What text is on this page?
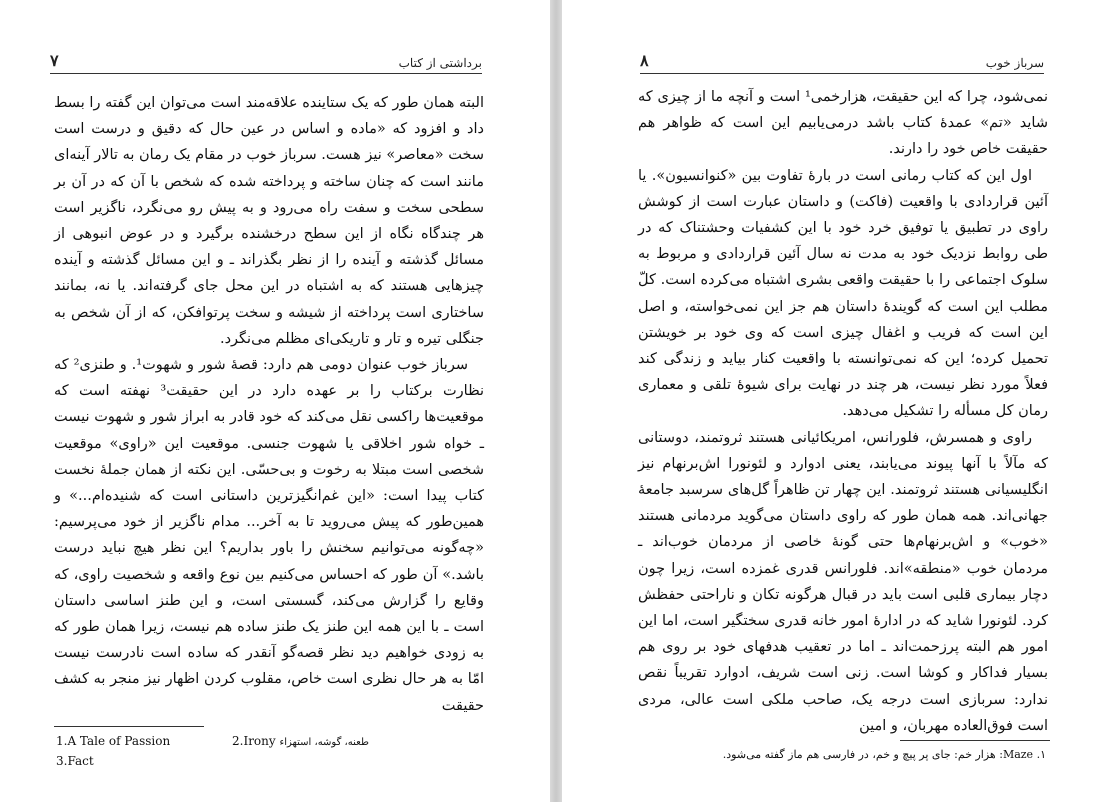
۷	برداشتی از کتاب

البته همان طور که یک ستاینده علاقه‌مند است می‌توان این گفته را بسط داد و افزود که «ماده و اساس در عین حال که دقیق و درست است سخت «معاصر» نیز هست. سرباز خوب در مقام یک رمان به تالار آینه‌ای مانند است که چنان ساخته و پرداخته شده که شخص با آن که در آن بر سطحی سخت و سفت راه می‌رود و به پیش رو می‌نگرد، ناگزیر است هر چندگاه نگاه از این سطح درخشنده برگیرد و در عوض انبوهی از مسائل گذشته و آینده را از نظر بگذراند ـ و این مسائل گذشته و آینده چیزهایی هستند که به اشتباه در این محل جای گرفته‌اند. یا نه، بمانند ساختاری است پرداخته از شیشه و سخت پرتوافکن، که از آن شخص به جنگلی تیره و تار و تاریکی‌ای مظلم می‌نگرد.

سرباز خوب عنوان دومی هم دارد: قصهٔ شور و شهوت¹. و طنزی² که نظارت برکتاب را بر عهده دارد در این حقیقت³ نهفته است که موقعیت‌ها راکسی نقل می‌کند که خود قادر به ابراز شور و شهوت نیست ـ خواه شور اخلاقی یا شهوت جنسی. موقعیت این «راوی» موقعیت شخصی است مبتلا به رخوت و بی‌حسّی. این نکته از همان جملهٔ نخست کتاب پیدا است: «این غم‌انگیزترین داستانی است که شنیده‌ام...» و همین‌طور که پیش می‌روید تا به آخر... مدام ناگزیر از خود می‌پرسیم: «چه‌گونه می‌توانیم سخنش را باور بداریم؟ این نظر هیچ نباید درست باشد.» آن طور که احساس می‌کنیم بین نوع واقعه و شخصیت راوی، که وقایع را گزارش می‌کند، گسستی است، و این طنز اساسی داستان است ـ با این همه این طنز یک طنز ساده هم نیست، زیرا همان طور که به زودی خواهیم دید نظر قصه‌گو آنقدر که ساده است نادرست نیست امّا به هر حال نظری است خاص، مقلوب کردن اظهار نیز منجر به کشف حقیقت

1.A Tale of Passion	2.Irony طعنه، گوشه، استهزاء
3.Fact
۸	سرباز خوب

نمی‌شود، چرا که این حقیقت، هزارخمی¹ است و آنچه ما از چیزی که شاید «تم» عمدهٔ کتاب باشد درمی‌یابیم این است که ظواهر هم حقیقت خاص خود را دارند.

اول این که کتاب رمانی است در بارهٔ تفاوت بین «کنوانسیون». یا آئین قراردادی با واقعیت (فاکت) و داستان عبارت است از کوشش راوی در تطبیق یا توفیق خرد خود با این کشفیات وحشتناک که در طی روابط نزدیک خود به مدت نه سال آئین قراردادی و مربوط به سلوک اجتماعی را با حقیقت واقعی بشری اشتباه می‌کرده است. کلّ مطلب این است که گویندهٔ داستان هم جز این نمی‌خواسته، و اصل این است که فریب و اغفال چیزی است که وی خود بر خویشتن تحمیل کرده‌؛ این که نمی‌توانسته با واقعیت کنار بیاید و زندگی کند فعلاً مورد نظر نیست، هر چند در نهایت برای شیوهٔ تلقی و معماری رمان کل مسأله را تشکیل می‌دهد.

راوی و همسرش، فلورانس، امریکائیانی هستند ثروتمند، دوستانی که مآلاً با آنها پیوند می‌یابند، یعنی ادوارد و لئونورا اش‌برنهام نیز انگلیسیانی هستند ثروتمند. این چهار تن ظاهراً گل‌های سرسبد جامعهٔ جهانی‌اند. همه همان طور که راوی داستان می‌گوید مردمانی هستند «خوب» و اش‌برنهام‌ها حتی گونهٔ خاصی از مردمان خوب‌اند ـ مردمان خوب «منطقه»‌اند. فلورانس قدری غمزده است، زیرا چون دچار بیماری قلبی است باید در قبال هرگونه تکان و ناراحتی حفظش کرد. لئونورا شاید که در ادارهٔ امور خانه قدری سختگیر است، اما این امور هم البته پرزحمت‌اند ـ اما در تعقیب هدفهای خود بر روی هم بسیار فداکار و کوشا است. زنی است شریف، ادوارد تقریباً نقص ندارد: سربازی است درجه یک، صاحب ملکی است عالی، مردی است فوق‌العاده مهربان، و امین

۱. Maze: هزار خم: جای پر پیچ و خم، در فارسی هم ماز گفته می‌شود.
